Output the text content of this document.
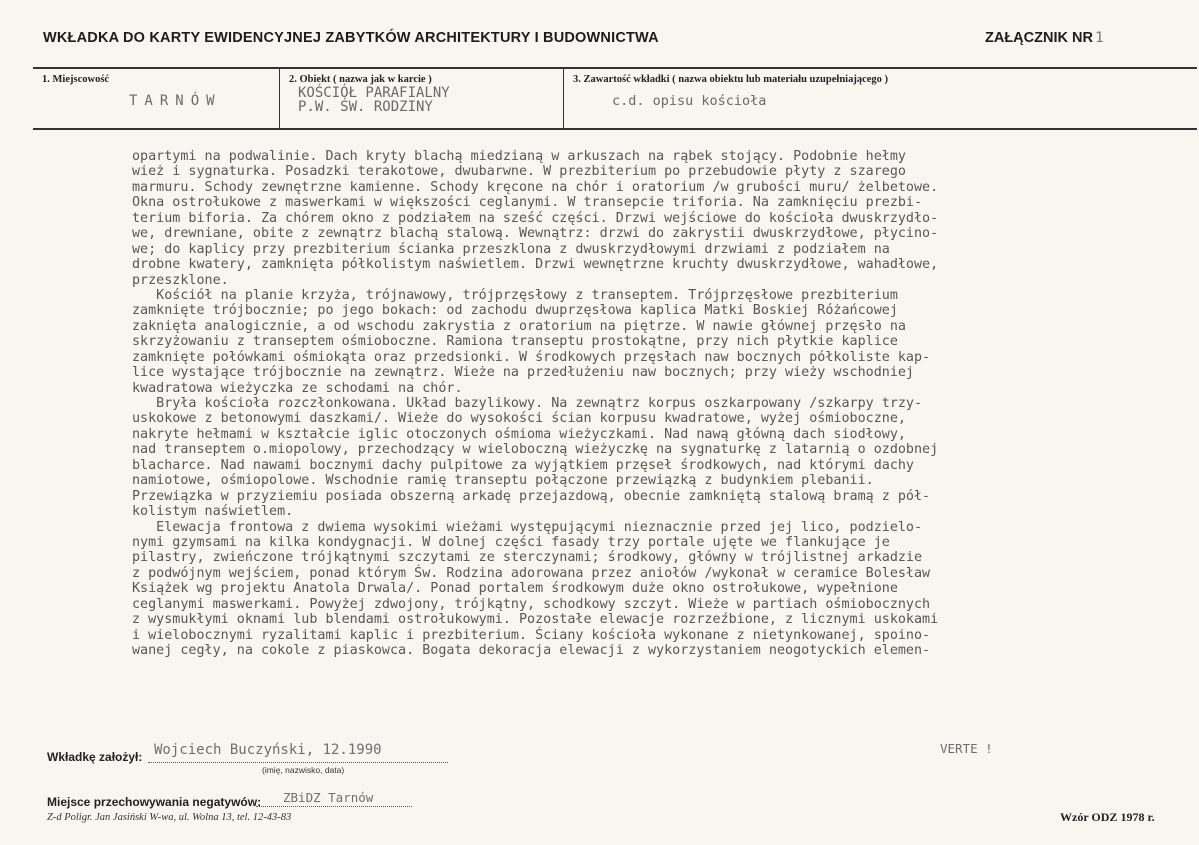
WKŁADKA DO KARTY EWIDENCYJNEJ ZABYTKÓW ARCHITEKTURY I BUDOWNICTWA	ZAŁĄCZNIK NR 1
1. Miejscowość
TARNÓW
2. Obiekt ( nazwa jak w karcie )
KOŚCIÓŁ PARAFIALNY
P.W. ŚW. RODZINY
3. Zawartość wkładki ( nazwa obiektu lub materiału uzupełniającego )
c.d. opisu kościoła
opartymi na podwalinie. Dach kryty blachą miedzianą w arkuszach na rąbek stojący. Podobnie hełmy
wież i sygnaturka. Posadzki terakotowe, dwubarwne. W prezbiterium po przebudowie płyty z szarego
marmuru. Schody zewnętrzne kamienne. Schody kręcone na chór i oratorium /w grubości muru/ żelbetowe.
Okna ostrołukowe z maswerkami w większości ceglanymi. W transepcie triforia. Na zamknięciu prezbi-
terium biforia. Za chórem okno z podziałem na sześć części. Drzwi wejściowe do kościoła dwuskrzydło-
we, drewniane, obite z zewnątrz blachą stalową. Wewnątrz: drzwi do zakrystii dwuskrzydłowe, płycino-
we; do kaplicy przy prezbiterium ścianka przeszklona z dwuskrzydłowymi drzwiami z podziałem na
drobne kwatery, zamknięta półkolistym naświetlem. Drzwi wewnętrzne kruchty dwuskrzydłowe, wahadłowe,
przeszklone.
Kościół na planie krzyża, trójnawowy, trójprzęsłowy z transeptem. Trójprzęsłowe prezbiterium
zamknięte trójbocznie; po jego bokach: od zachodu dwuprzęsłowa kaplica Matki Boskiej Różańcowej
zaknięta analogicznie, a od wschodu zakrystia z oratorium na piętrze. W nawie głównej przęsło na
skrzyżowaniu z transeptem ośmioboczne. Ramiona transeptu prostokątne, przy nich płytkie kaplice
zamknięte połówkami ośmiokąta oraz przedsionki. W środkowych przęsłach naw bocznych półkoliste kap-
lice wystające trójbocznie na zewnątrz. Wieże na przedłużeniu naw bocznych; przy wieży wschodniej
kwadratowa wieżyczka ze schodami na chór.
Bryła kościoła rozczłonkowana. Układ bazylikowy. Na zewnątrz korpus oszkarpowany /szkarpy trzy-
uskokowe z betonowymi daszkami/. Wieże do wysokości ścian korpusu kwadratowe, wyżej ośmioboczne,
nakryte hełmami w kształcie iglic otoczonych ośmioma wieżyczkami. Nad nawą główną dach siodłowy,
nad transeptem o.miopolowy, przechodzący w wieloboczną wieżyczkę na sygnaturkę z latarnią o ozdobnej
blacharce. Nad nawami bocznymi dachy pulpitowe za wyjątkiem przęseł środkowych, nad którymi dachy
namiotowe, ośmiopolowe. Wschodnie ramię transeptu połączone przewiązką z budynkiem plebanii.
Przewiązka w przyziemiu posiada obszerną arkadę przejazdową, obecnie zamkniętą stalową bramą z pół-
kolistym naświetlem.
Elewacja frontowa z dwiema wysokimi wieżami występującymi nieznacznie przed jej lico, podzielo-
nymi gzymsami na kilka kondygnacji. W dolnej części fasady trzy portale ujęte we flankujące je
pilastry, zwieńczone trójkątnymi szczytami ze sterczynami; środkowy, główny w trójlistnej arkadzie
z podwójnym wejściem, ponad którym Św. Rodzina adorowana przez aniołów /wykonał w ceramice Bolesław
Książek wg projektu Anatola Drwala/. Ponad portalem środkowym duże okno ostrołukowe, wypełnione
ceglanymi maswerkami. Powyżej zdwojony, trójkątny, schodkowy szczyt. Wieże w partiach ośmiobocznych
z wysmukłymi oknami lub blendami ostrołukowymi. Pozostałe elewacje rozrzeźbione, z licznymi uskokami
i wielobocznymi ryzalitami kaplic i prezbiterium. Ściany kościoła wykonane z nietynkowanej, spoino-
wanej cegły, na cokole z piaskowca. Bogata dekoracja elewacji z wykorzystaniem neogotyckich elemen-
Wkładkę założył: Wojciech Buczyński, 12.1990
(imię, nazwisko, data)
VERTE !
Miejsce przechowywania negatywów: ZBiDZ Tarnów
Z-d Poligr. Jan Jasiński W-wa, ul. Wolna 13, tel. 12-43-83	Wzór ODZ 1978 r.
